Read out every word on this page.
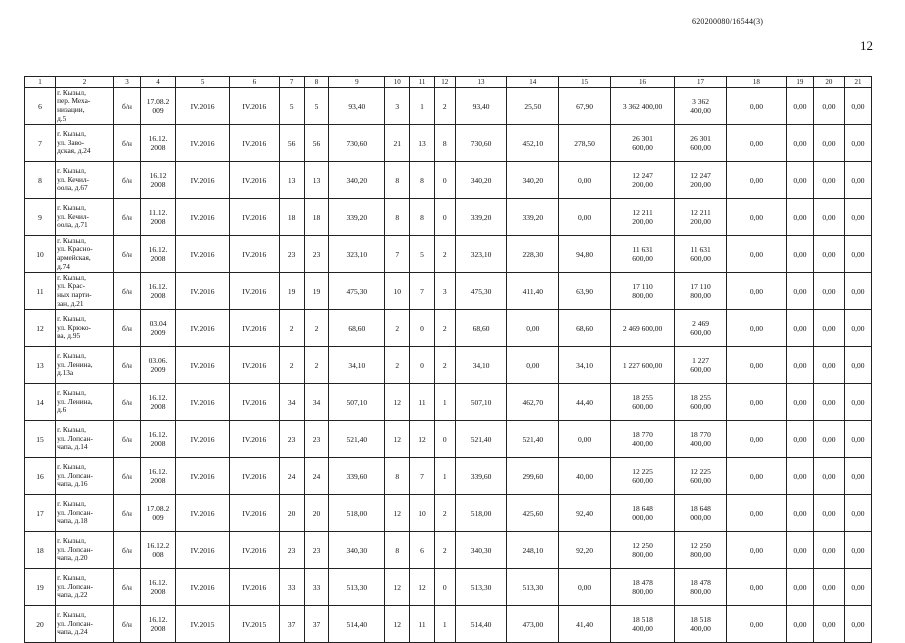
620200080/16544(3)
12
1	2	3	4	5	6	7	8	9	10	11	12	13	14	15	16	17	18	19	20	21
6	г. Кызыл,
пер. Меха-
низации,
д.5	б/н	17.08.2
009	IV.2016	IV.2016	5	5	93,40	3	1	2	93,40	25,50	67,90	3 362 400,00	3 362
400,00	0,00	0,00	0,00	0,00
7	г. Кызыл,
ул. Заво-
дская, д.24	б/н	16.12.
2008	IV.2016	IV.2016	56	56	730,60	21	13	8	730,60	452,10	278,50	26 301
600,00	26 301
600,00	0,00	0,00	0,00	0,00
8	г. Кызыл,
ул. Кечил-
оола, д.67	б/н	16.12
2008	IV.2016	IV.2016	13	13	340,20	8	8	0	340,20	340,20	0,00	12 247
200,00	12 247
200,00	0,00	0,00	0,00	0,00
9	г. Кызыл,
ул. Кечил-
оола, д.71	б/н	11.12.
2008	IV.2016	IV.2016	18	18	339,20	8	8	0	339,20	339,20	0,00	12 211
200,00	12 211
200,00	0,00	0,00	0,00	0,00
10	г. Кызыл,
ул. Красно-
армейская,
д.74	б/н	16.12.
2008	IV.2016	IV.2016	23	23	323,10	7	5	2	323,10	228,30	94,80	11 631
600,00	11 631
600,00	0,00	0,00	0,00	0,00
11	г. Кызыл,
ул. Крас-
ных парти-
зан, д.21	б/н	16.12.
2008	IV.2016	IV.2016	19	19	475,30	10	7	3	475,30	411,40	63,90	17 110
800,00	17 110
800,00	0,00	0,00	0,00	0,00
12	г. Кызыл,
ул. Крюко-
ва, д.95	б/н	03.04
2009	IV.2016	IV.2016	2	2	68,60	2	0	2	68,60	0,00	68,60	2 469 600,00	2 469
600,00	0,00	0,00	0,00	0,00
13	г. Кызыл,
ул. Ленина,
д.13а	б/н	03.06.
2009	IV.2016	IV.2016	2	2	34,10	2	0	2	34,10	0,00	34,10	1 227 600,00	1 227
600,00	0,00	0,00	0,00	0,00
14	г. Кызыл,
ул. Ленина,
д.6	б/н	16.12.
2008	IV.2016	IV.2016	34	34	507,10	12	11	1	507,10	462,70	44,40	18 255
600,00	18 255
600,00	0,00	0,00	0,00	0,00
15	г. Кызыл,
ул. Лопсан-
чапа, д.14	б/н	16.12.
2008	IV.2016	IV.2016	23	23	521,40	12	12	0	521,40	521,40	0,00	18 770
400,00	18 770
400,00	0,00	0,00	0,00	0,00
16	г. Кызыл,
ул. Лопсан-
чапа, д.16	б/н	16.12.
2008	IV.2016	IV.2016	24	24	339,60	8	7	1	339,60	299,60	40,00	12 225
600,00	12 225
600,00	0,00	0,00	0,00	0,00
17	г. Кызыл,
ул. Лопсан-
чапа, д.18	б/н	17.08.2
009	IV.2016	IV.2016	20	20	518,00	12	10	2	518,00	425,60	92,40	18 648
000,00	18 648
000,00	0,00	0,00	0,00	0,00
18	г. Кызыл,
ул. Лопсан-
чапа, д.20	б/н	16.12.2
008	IV.2016	IV.2016	23	23	340,30	8	6	2	340,30	248,10	92,20	12 250
800,00	12 250
800,00	0,00	0,00	0,00	0,00
19	г. Кызыл,
ул. Лопсан-
чапа, д.22	б/н	16.12.
2008	IV.2016	IV.2016	33	33	513,30	12	12	0	513,30	513,30	0,00	18 478
800,00	18 478
800,00	0,00	0,00	0,00	0,00
20	г. Кызыл,
ул. Лопсан-
чапа, д.24	б/н	16.12.
2008	IV.2015	IV.2015	37	37	514,40	12	11	1	514,40	473,00	41,40	18 518
400,00	18 518
400,00	0,00	0,00	0,00	0,00
